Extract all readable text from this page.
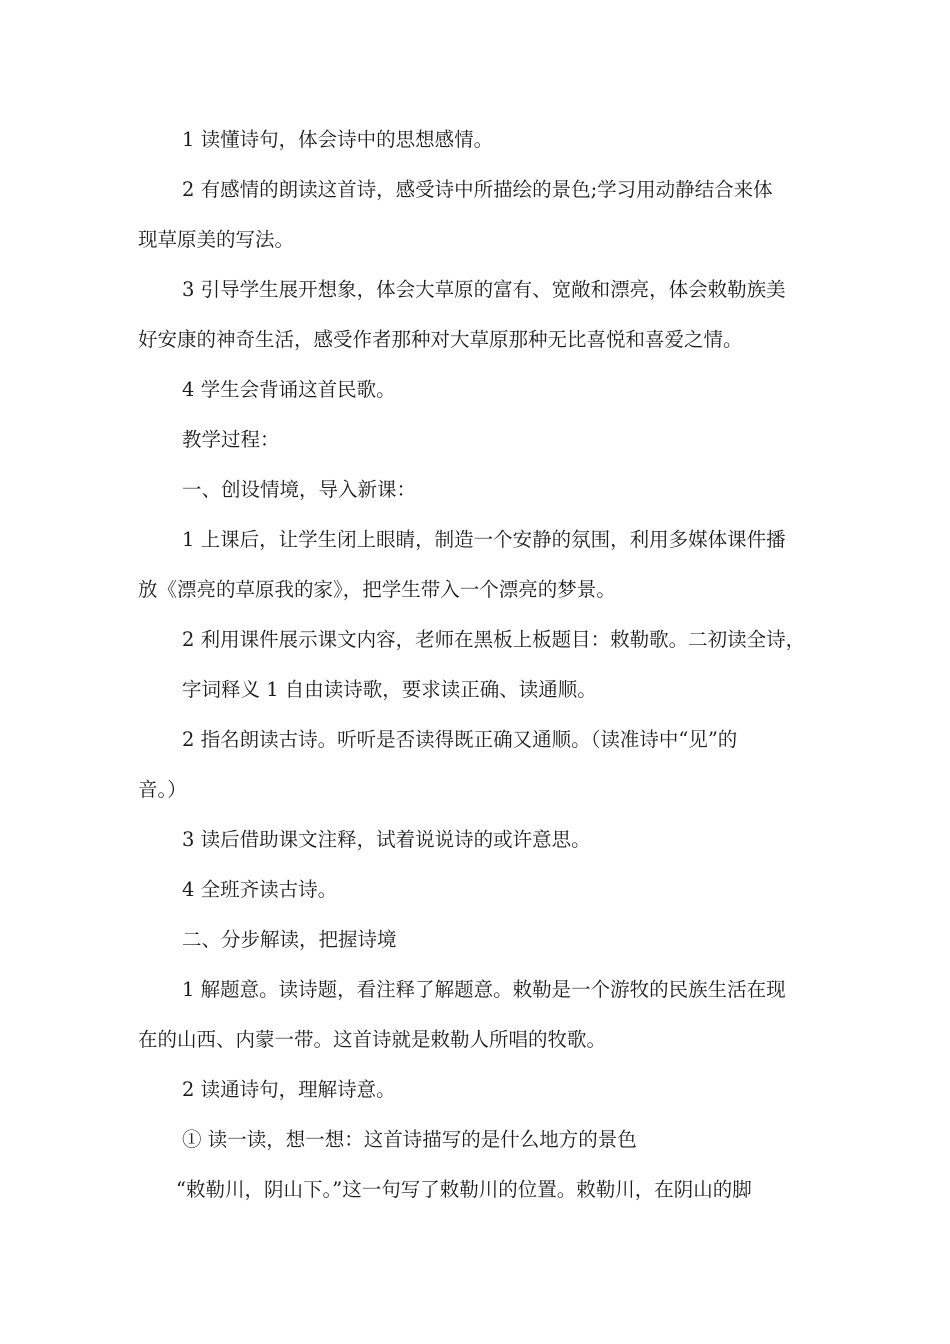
1 读懂诗句，体会诗中的思想感情。
2 有感情的朗读这首诗，感受诗中所描绘的景色;学习用动静结合来体
现草原美的写法。
3 引导学生展开想象，体会大草原的富有、宽敞和漂亮，体会敕勒族美
好安康的神奇生活，感受作者那种对大草原那种无比喜悦和喜爱之情。
4 学生会背诵这首民歌。
教学过程：
一、创设情境，导入新课：
1 上课后，让学生闭上眼睛，制造一个安静的氛围，利用多媒体课件播
放《漂亮的草原我的家》，把学生带入一个漂亮的梦景。
2 利用课件展示课文内容，老师在黑板上板题目：敕勒歌。二初读全诗，
字词释义 1 自由读诗歌，要求读正确、读通顺。
2 指名朗读古诗。听听是否读得既正确又通顺。（读准诗中“见”的
音。）
3 读后借助课文注释，试着说说诗的或许意思。
4 全班齐读古诗。
二、分步解读，把握诗境
1 解题意。读诗题，看注释了解题意。敕勒是一个游牧的民族生活在现
在的山西、内蒙一带。这首诗就是敕勒人所唱的牧歌。
2 读通诗句，理解诗意。
① 读一读，想一想：这首诗描写的是什么地方的景色
“敕勒川，阴山下。”这一句写了敕勒川的位置。敕勒川，在阴山的脚
